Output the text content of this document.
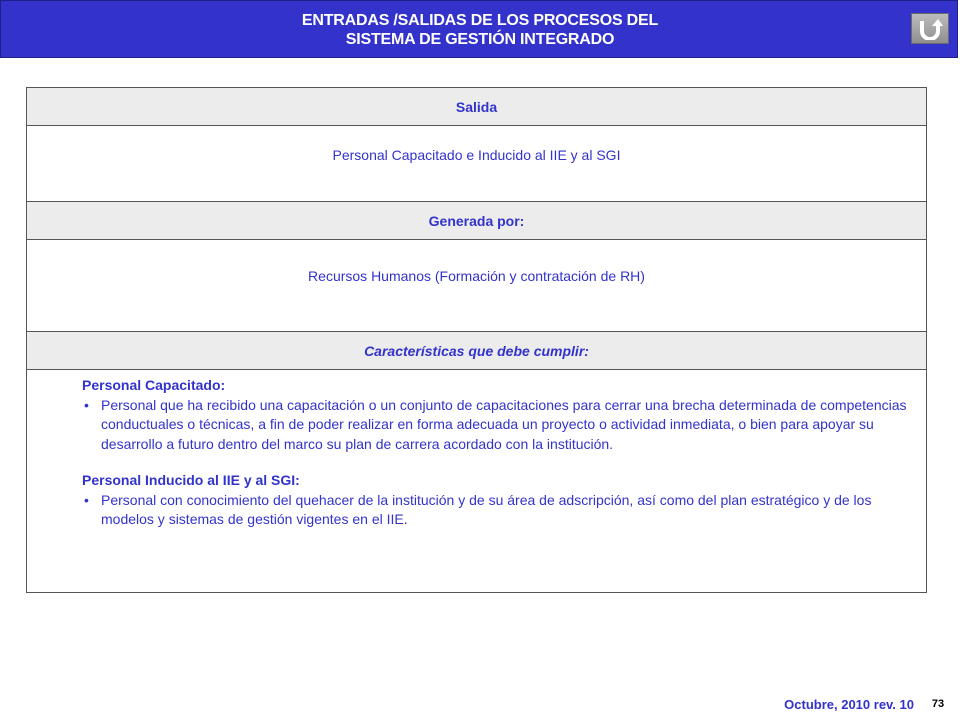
ENTRADAS /SALIDAS DE LOS PROCESOS DEL
SISTEMA DE GESTIÓN INTEGRADO
Salida
Personal Capacitado e Inducido al IIE y al SGI
Generada por:
Recursos Humanos (Formación y contratación de RH)
Características que debe cumplir:
Personal Capacitado:
• Personal que ha recibido una capacitación o un conjunto de capacitaciones para cerrar una brecha determinada de competencias conductuales o técnicas, a fin de poder realizar en forma adecuada un proyecto o actividad inmediata, o bien para apoyar su desarrollo a futuro dentro del marco su plan de carrera acordado con la institución.
Personal Inducido al IIE y al SGI:
• Personal con conocimiento del quehacer de la institución y de su área de adscripción, así como del plan estratégico y de los modelos y sistemas de gestión vigentes en el IIE.
Octubre, 2010 rev. 10	73
